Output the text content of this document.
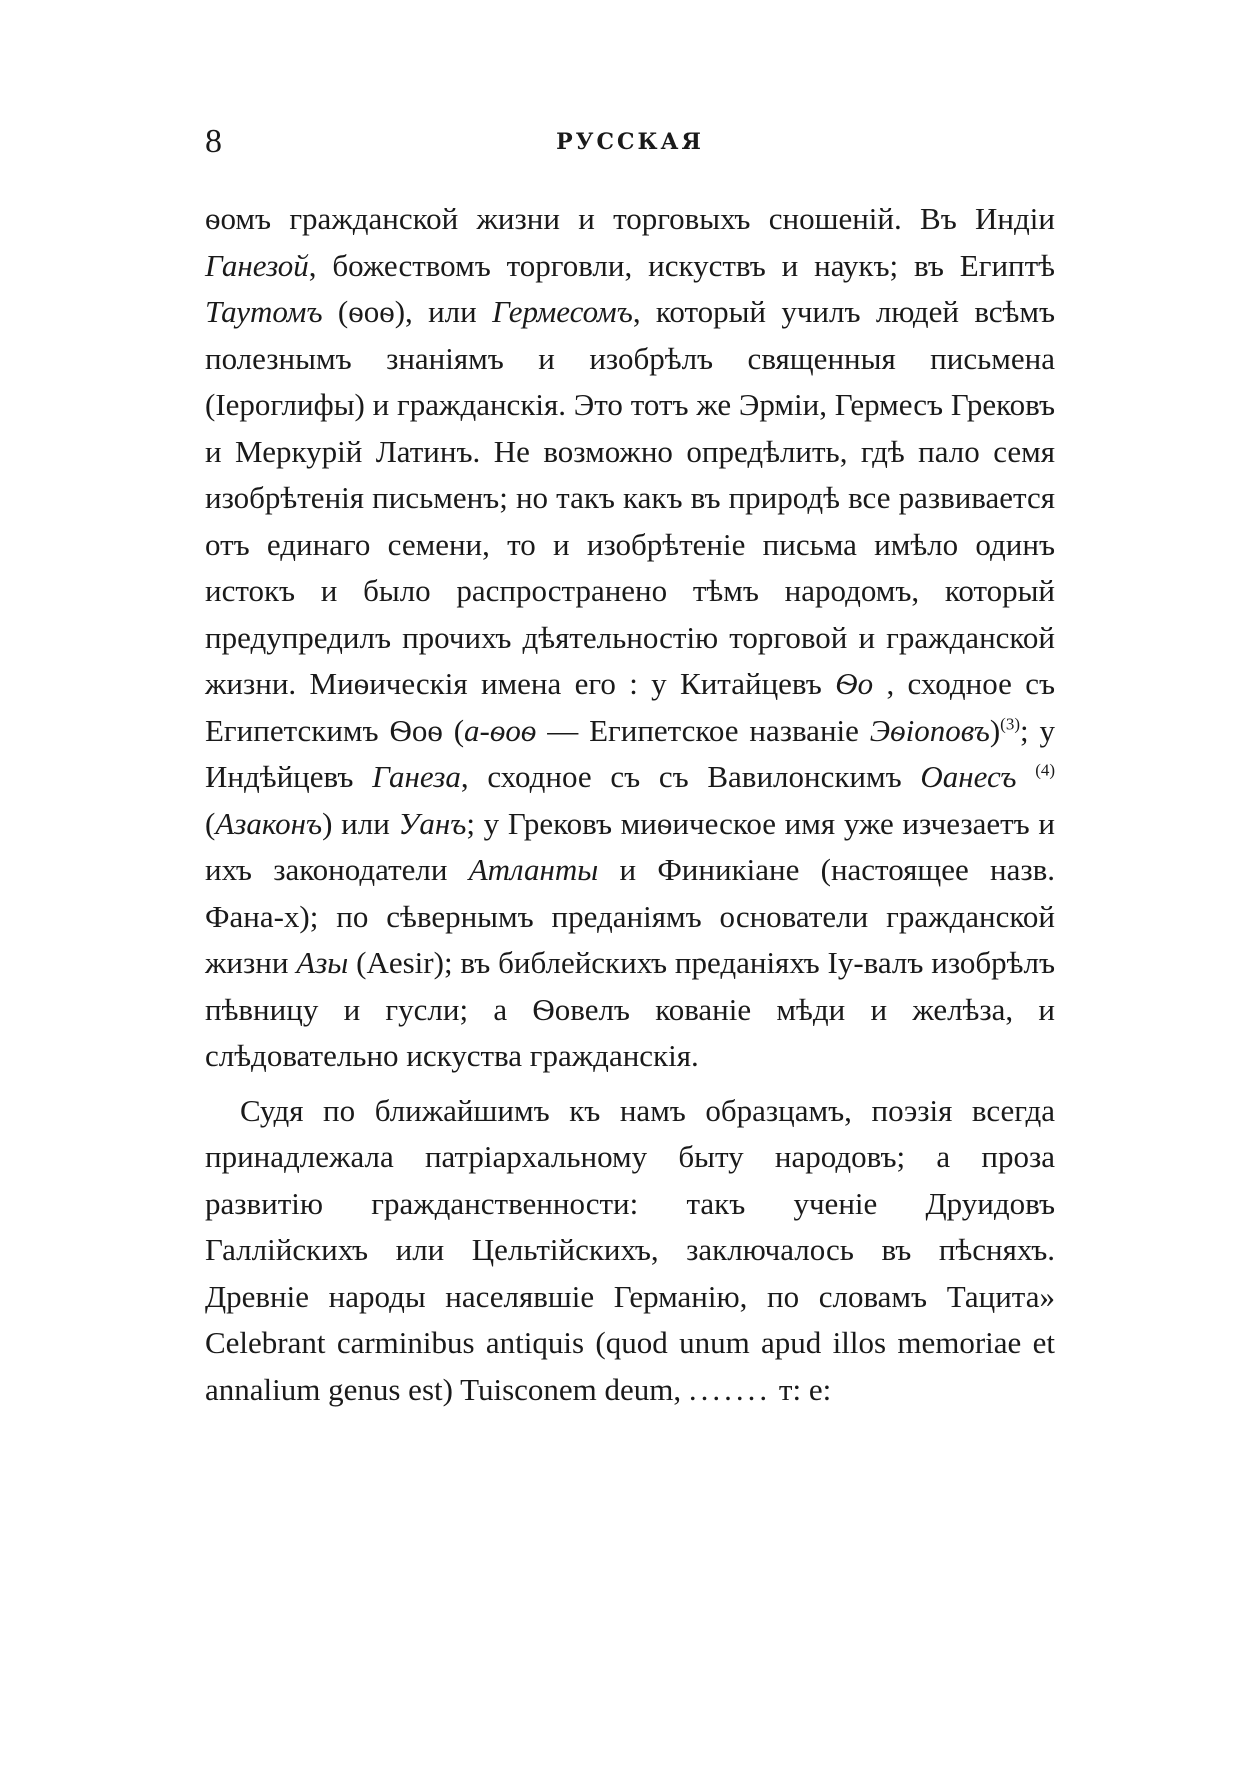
8	РУССКАЯ

ѳомъ гражданской жизни и торговыхъ сношеній. Въ Индіи Ганезой, божествомъ торговли, искуствъ и наукъ; въ Египтѣ Таутомъ (ѳоѳ), или Гермесомъ, который училъ людей всѣмъ полезнымъ знаніямъ и изобрѣлъ священныя письмена (Іероглифы) и гражданскія. Это тотъ же Эрміи, Гермесъ Грековъ и Меркурій Латинъ. Не возможно опредѣлить, гдѣ пало семя изобрѣтенія письменъ; но такъ какъ въ природѣ все развивается отъ единаго семени, то и изобрѣтеніе письма имѣло одинъ истокъ и было распространено тѣмъ народомъ, который предупредилъ прочихъ дѣятельностію торговой и гражданской жизни. Миѳическія имена его : у Китайцевъ Ѳо , сходное съ Египетскимъ Ѳоѳ (а-ѳоѳ — Египетское названіе Эѳіоповъ)$^{(3)}$; у Индѣйцевъ Ганеза, сходное съ съ Вавилонскимъ Оанесъ $^{(4)}$ (Азаконъ) или Уанъ; у Грековъ миѳическое имя уже изчезаетъ и ихъ законодатели Атланты и Финикіане (настоящее назв. Фана-х); по сѣвернымъ преданіямъ основатели гражданской жизни Азы (Aesir); въ библейскихъ преданіяхъ Іу-валъ изобрѣлъ пѣвницу и гусли; а Ѳовелъ кованіе мѣди и желѣза, и слѣдовательно искуства гражданскія.

Судя по ближайшимъ къ намъ образцамъ, поэзія всегда принадлежала патріархальному быту народовъ; а проза развитію гражданственности: такъ ученіе Друидовъ Галлійскихъ или Цельтійскихъ, заключалось въ пѣсняхъ. Древніе народы населявшіе Германію, по словамъ Тацита» Celebrant carminibus antiquis (quod unum apud illos memoriae et annalium genus est) Tuisconem deum, ....... т: е:
